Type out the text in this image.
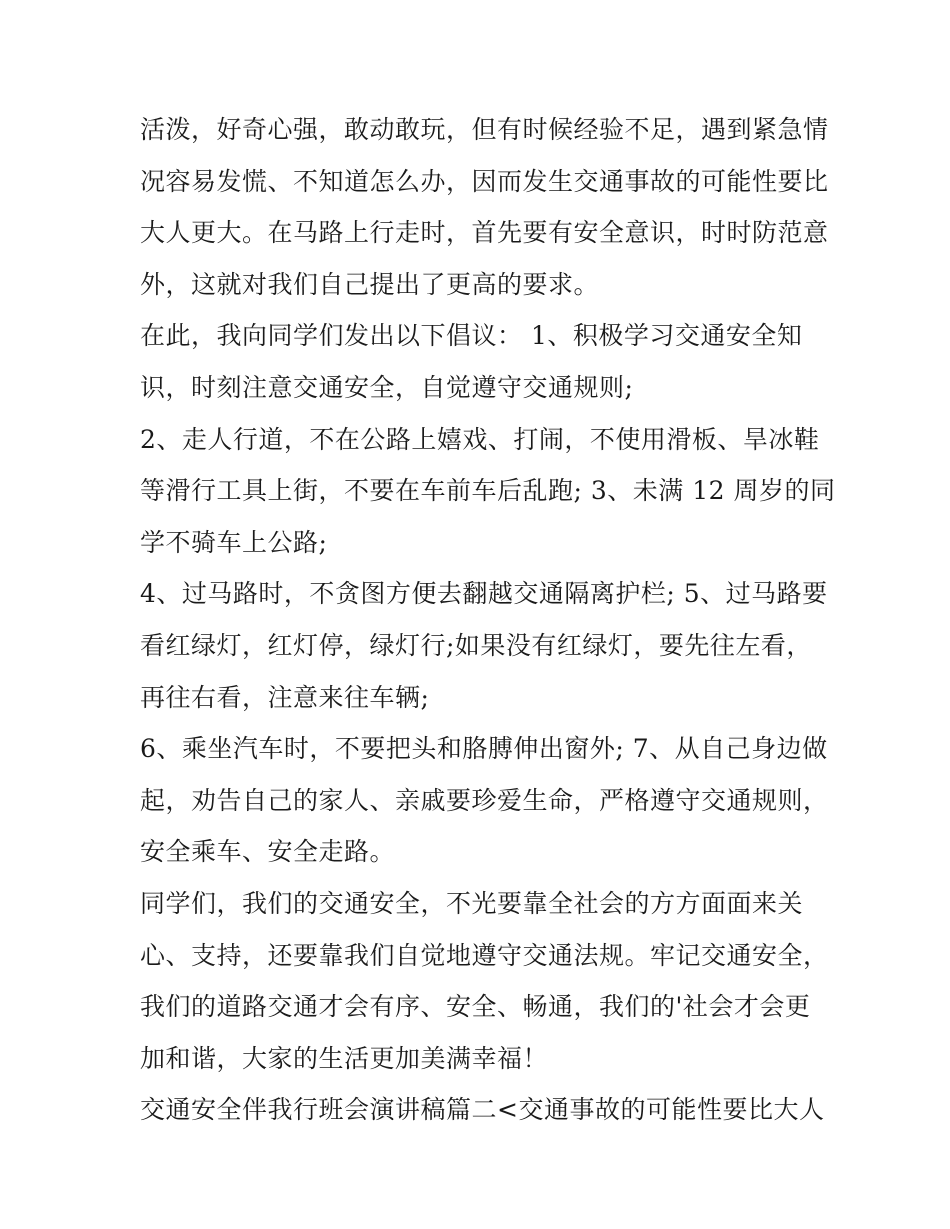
活泼，好奇心强，敢动敢玩，但有时候经验不足，遇到紧急情
况容易发慌、不知道怎么办，因而发生交通事故的可能性要比
大人更大。在马路上行走时，首先要有安全意识，时时防范意
外，这就对我们自己提出了更高的要求。
在此，我向同学们发出以下倡议： 1、积极学习交通安全知
识，时刻注意交通安全，自觉遵守交通规则;
2、走人行道，不在公路上嬉戏、打闹，不使用滑板、旱冰鞋
等滑行工具上街，不要在车前车后乱跑; 3、未满 12 周岁的同
学不骑车上公路;
4、过马路时，不贪图方便去翻越交通隔离护栏; 5、过马路要
看红绿灯，红灯停，绿灯行;如果没有红绿灯，要先往左看，
再往右看，注意来往车辆;
6、乘坐汽车时，不要把头和胳膊伸出窗外; 7、从自己身边做
起，劝告自己的家人、亲戚要珍爱生命，严格遵守交通规则，
安全乘车、安全走路。
同学们，我们的交通安全，不光要靠全社会的方方面面来关
心、支持，还要靠我们自觉地遵守交通法规。牢记交通安全，
我们的道路交通才会有序、安全、畅通，我们的'社会才会更
加和谐，大家的生活更加美满幸福！
交通安全伴我行班会演讲稿篇二<交通事故的可能性要比大人
